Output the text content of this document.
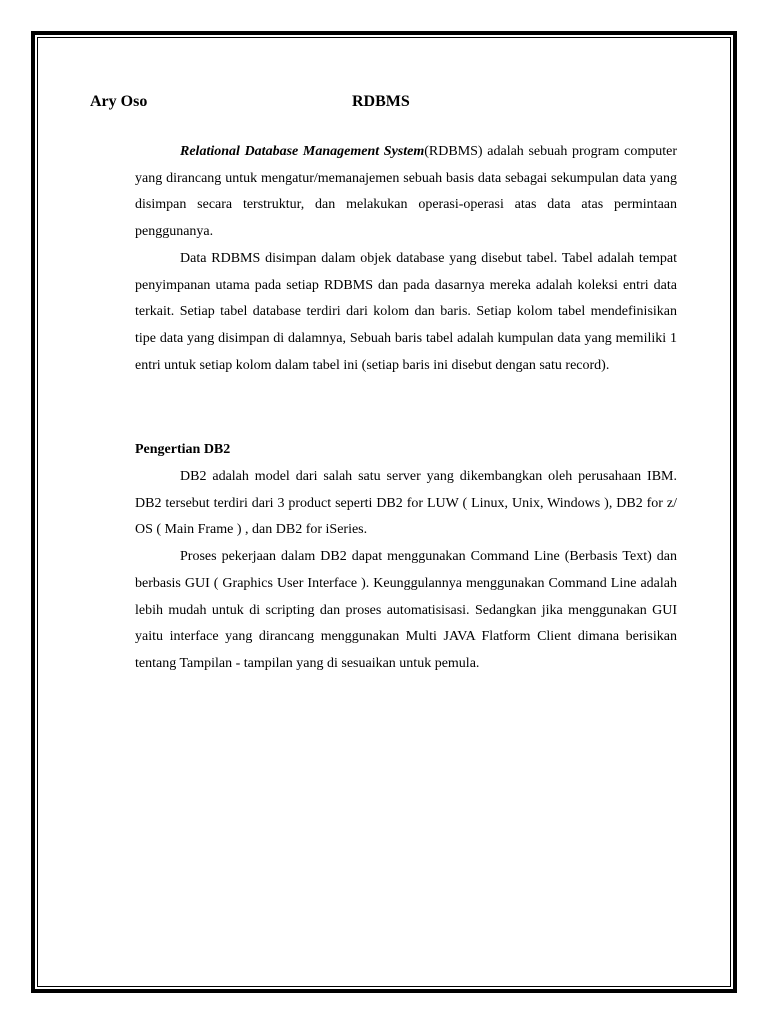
Ary Oso	RDBMS

Relational Database Management System(RDBMS) adalah sebuah program computer yang dirancang untuk mengatur/memanajemen sebuah basis data sebagai sekumpulan data yang disimpan secara terstruktur, dan melakukan operasi-operasi atas data atas permintaan penggunanya.

Data RDBMS disimpan dalam objek database yang disebut tabel. Tabel adalah tempat penyimpanan utama pada setiap RDBMS dan pada dasarnya mereka adalah koleksi entri data terkait. Setiap tabel database terdiri dari kolom dan baris. Setiap kolom tabel mendefinisikan tipe data yang disimpan di dalamnya, Sebuah baris tabel adalah kumpulan data yang memiliki 1 entri untuk setiap kolom dalam tabel ini (setiap baris ini disebut dengan satu record).

Pengertian DB2

DB2 adalah model dari salah satu server yang dikembangkan oleh perusahaan IBM. DB2 tersebut terdiri dari 3 product seperti DB2 for LUW ( Linux, Unix, Windows ), DB2 for z/ OS ( Main Frame ) , dan DB2 for iSeries.

Proses pekerjaan dalam DB2 dapat menggunakan Command Line (Berbasis Text) dan berbasis GUI ( Graphics User Interface ). Keunggulannya menggunakan Command Line adalah lebih mudah untuk di scripting dan proses automatisisasi. Sedangkan jika menggunakan GUI yaitu interface yang dirancang menggunakan Multi JAVA Flatform Client dimana berisikan tentang Tampilan - tampilan yang di sesuaikan untuk pemula.
